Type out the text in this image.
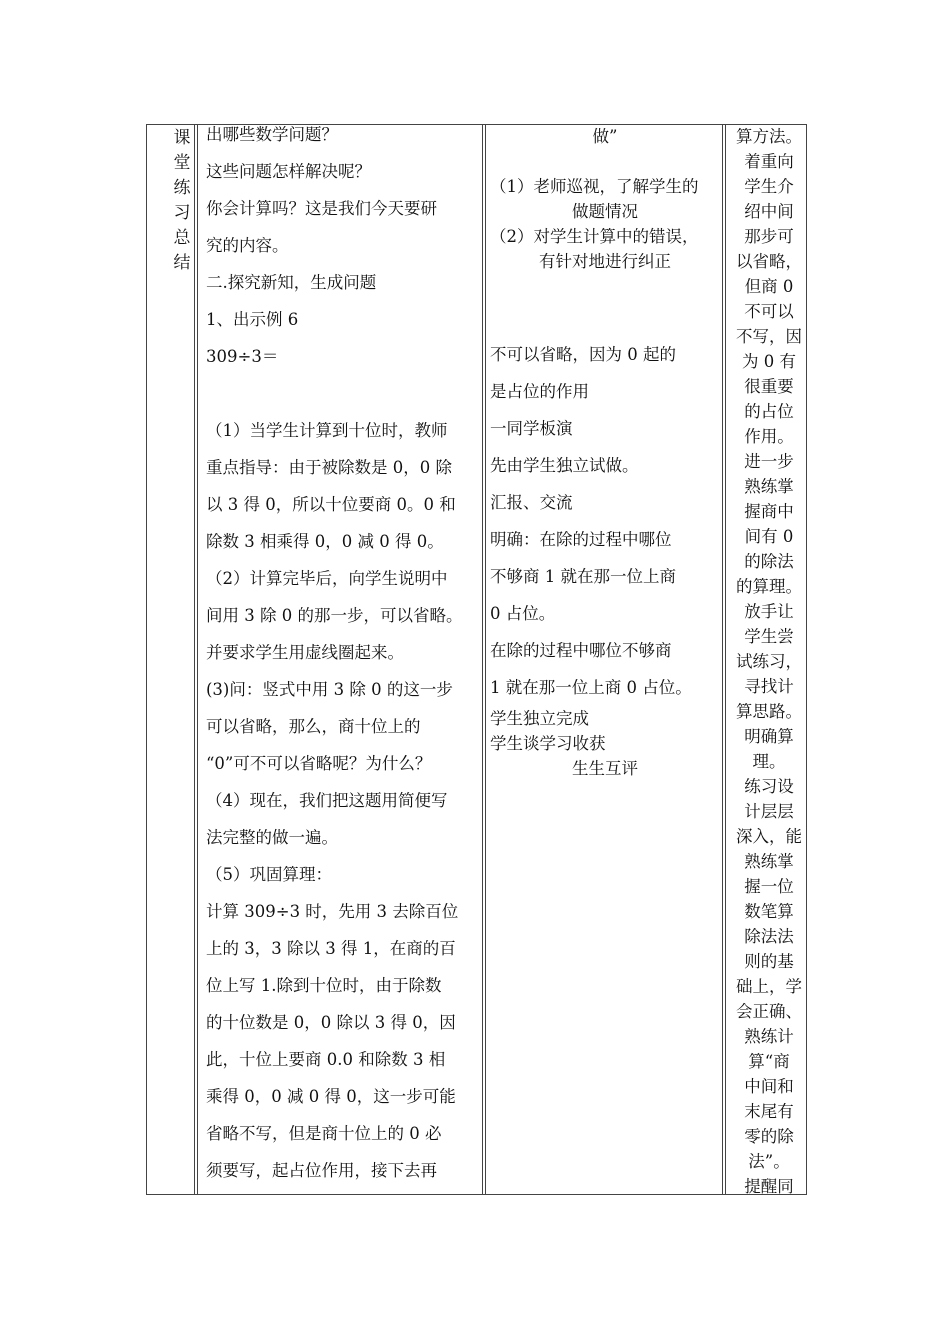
课
堂
练
习
总
结

出哪些数学问题？

这些问题怎样解决呢？

你会计算吗？这是我们今天要研

究的内容。

二.探究新知，生成问题

1、出示例 6

309÷3＝

（1）当学生计算到十位时，教师

重点指导：由于被除数是 0，0 除

以 3 得 0，所以十位要商 0。0 和

除数 3 相乘得 0，0 减 0 得 0。

（2）计算完毕后，向学生说明中

间用 3 除 0 的那一步，可以省略。

并要求学生用虚线圈起来。

(3)问：竖式中用 3 除 0 的这一步

可以省略，那么，商十位上的

“0”可不可以省略呢？为什么？

（4）现在，我们把这题用简便写

法完整的做一遍。

（5）巩固算理：

计算 309÷3 时，先用 3 去除百位

上的 3，3 除以 3 得 1，在商的百

位上写 1.除到十位时，由于除数

的十位数是 0，0 除以 3 得 0，因

此，十位上要商 0.0 和除数 3 相

乘得 0，0 减 0 得 0，这一步可能

省略不写，但是商十位上的 0 必

须要写，起占位作用，接下去再

做”

（1）老师巡视，了解学生的

做题情况

（2）对学生计算中的错误，

有针对地进行纠正

不可以省略，因为 0 起的

是占位的作用

一同学板演

先由学生独立试做。

汇报、交流

明确：在除的过程中哪位

不够商 1 就在那一位上商

0 占位。

在除的过程中哪位不够商

1 就在那一位上商 0 占位。

学生独立完成

学生谈学习收获

生生互评

算方法。

着重向

学生介

绍中间

那步可

以省略，

但商 0

不可以

不写，因

为 0 有

很重要

的占位

作用。

进一步

熟练掌

握商中

间有 0

的除法

的算理。

放手让

学生尝

试练习，

寻找计

算思路。

明确算

理。

练习设

计层层

深入，能

熟练掌

握一位

数笔算

除法法

则的基

础上，学

会正确、

熟练计

算“商

中间和

末尾有

零的除

法”。

提醒同
